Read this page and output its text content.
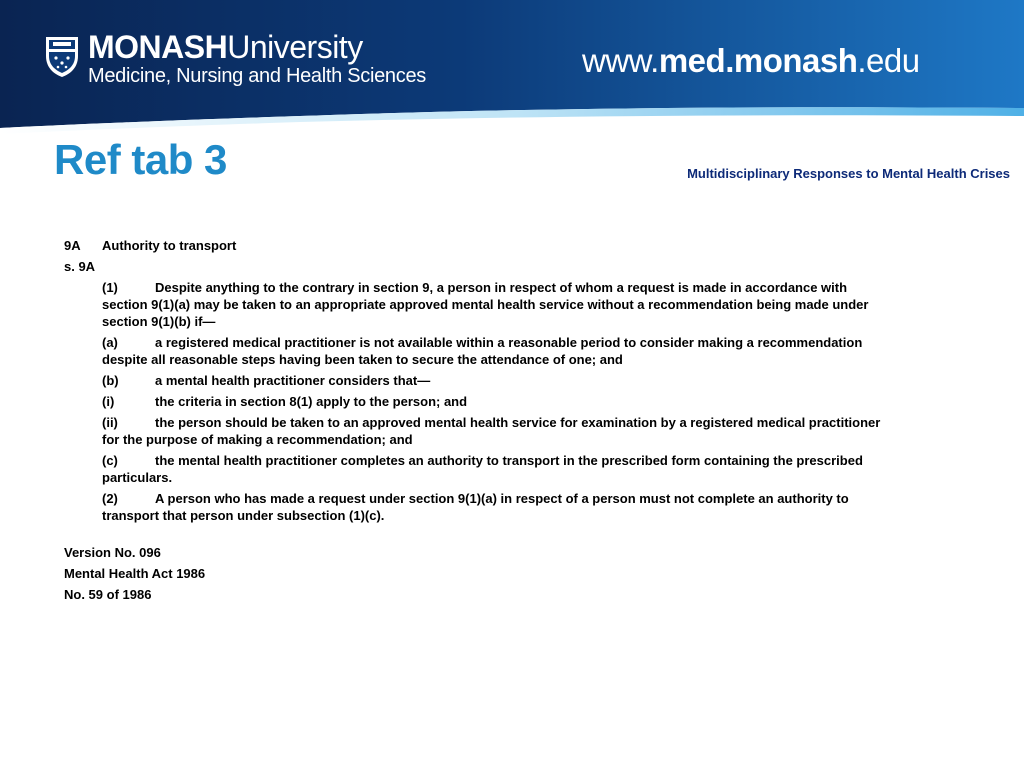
MONASHUniversity
Medicine, Nursing and Health Sciences	www.med.monash.edu
Ref tab 3	Multidisciplinary Responses to Mental Health Crises

9A Authority to transport

s. 9A

(1)	Despite anything to the contrary in section 9, a person in respect of whom a request is made in accordance with section 9(1)(a) may be taken to an appropriate approved mental health service without a recommendation being made under section 9(1)(b) if—

(a)	a registered medical practitioner is not available within a reasonable period to consider making a recommendation despite all reasonable steps having been taken to secure the attendance of one; and

(b)	a mental health practitioner considers that—

(i)	the criteria in section 8(1) apply to the person; and

(ii)	the person should be taken to an approved mental health service for examination by a registered medical practitioner for the purpose of making a recommendation; and

(c)	the mental health practitioner completes an authority to transport in the prescribed form containing the prescribed particulars.

(2)	A person who has made a request under section 9(1)(a) in respect of a person must not complete an authority to transport that person under subsection (1)(c).

Version No. 096

Mental Health Act 1986

No. 59 of 1986
